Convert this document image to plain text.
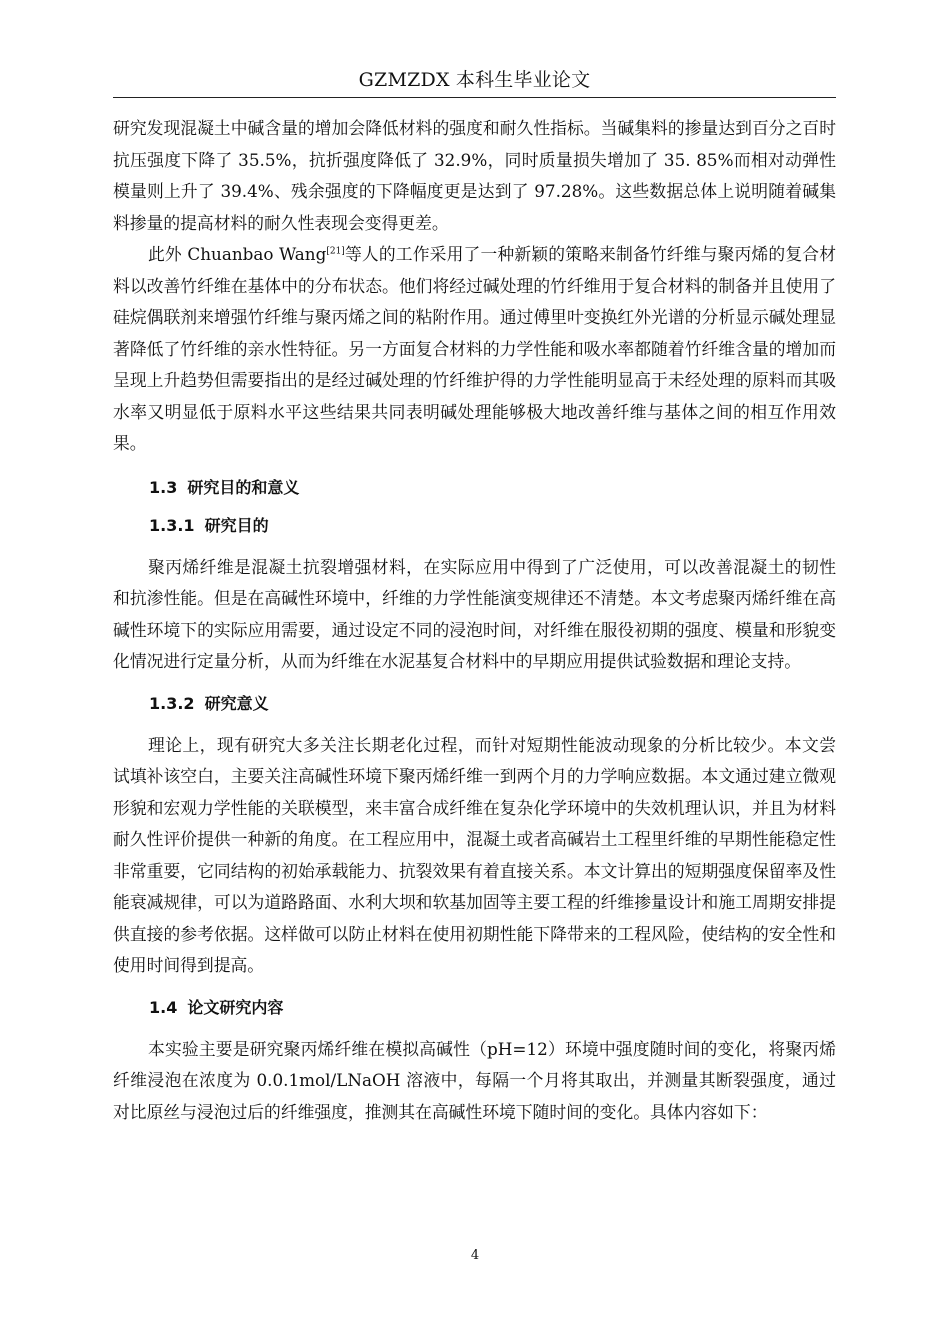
GZMZDX 本科生毕业论文

研究发现混凝土中碱含量的增加会降低材料的强度和耐久性指标。当碱集料的掺量达到百分之百时抗压强度下降了 35.5%，抗折强度降低了 32.9%，同时质量损失增加了 35. 85%而相对动弹性模量则上升了 39.4%、残余强度的下降幅度更是达到了 97.28%。这些数据总体上说明随着碱集料掺量的提高材料的耐久性表现会变得更差。

此外 Chuanbao Wang[21]等人的工作采用了一种新颖的策略来制备竹纤维与聚丙烯的复合材料以改善竹纤维在基体中的分布状态。他们将经过碱处理的竹纤维用于复合材料的制备并且使用了硅烷偶联剂来增强竹纤维与聚丙烯之间的粘附作用。通过傅里叶变换红外光谱的分析显示碱处理显著降低了竹纤维的亲水性特征。另一方面复合材料的力学性能和吸水率都随着竹纤维含量的增加而呈现上升趋势但需要指出的是经过碱处理的竹纤维护得的力学性能明显高于未经处理的原料而其吸水率又明显低于原料水平这些结果共同表明碱处理能够极大地改善纤维与基体之间的相互作用效果。

1.3 研究目的和意义
1.3.1 研究目的

聚丙烯纤维是混凝土抗裂增强材料，在实际应用中得到了广泛使用，可以改善混凝土的韧性和抗渗性能。但是在高碱性环境中，纤维的力学性能演变规律还不清楚。本文考虑聚丙烯纤维在高碱性环境下的实际应用需要，通过设定不同的浸泡时间，对纤维在服役初期的强度、模量和形貌变化情况进行定量分析，从而为纤维在水泥基复合材料中的早期应用提供试验数据和理论支持。

1.3.2 研究意义

理论上，现有研究大多关注长期老化过程，而针对短期性能波动现象的分析比较少。本文尝试填补该空白，主要关注高碱性环境下聚丙烯纤维一到两个月的力学响应数据。本文通过建立微观形貌和宏观力学性能的关联模型，来丰富合成纤维在复杂化学环境中的失效机理认识，并且为材料耐久性评价提供一种新的角度。在工程应用中，混凝土或者高碱岩土工程里纤维的早期性能稳定性非常重要，它同结构的初始承载能力、抗裂效果有着直接关系。本文计算出的短期强度保留率及性能衰减规律，可以为道路路面、水利大坝和软基加固等主要工程的纤维掺量设计和施工周期安排提供直接的参考依据。这样做可以防止材料在使用初期性能下降带来的工程风险，使结构的安全性和使用时间得到提高。

1.4 论文研究内容

本实验主要是研究聚丙烯纤维在模拟高碱性（pH=12）环境中强度随时间的变化，将聚丙烯纤维浸泡在浓度为 0.0.1mol/LNaOH 溶液中，每隔一个月将其取出，并测量其断裂强度，通过对比原丝与浸泡过后的纤维强度，推测其在高碱性环境下随时间的变化。具体内容如下：

4
